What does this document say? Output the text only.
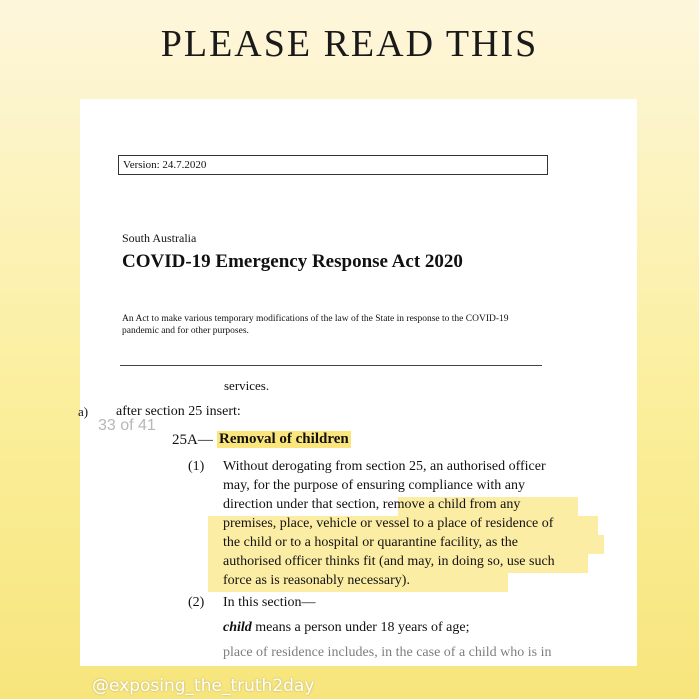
PLEASE READ THIS
Version: 24.7.2020
South Australia
COVID-19 Emergency Response Act 2020
An Act to make various temporary modifications of the law of the State in response to the COVID-19 pandemic and for other purposes.
services.
a) after section 25 insert:
33 of 41
25A— Removal of children
(1) Without derogating from section 25, an authorised officer
may, for the purpose of ensuring compliance with any
direction under that section, remove a child from any
premises, place, vehicle or vessel to a place of residence of
the child or to a hospital or quarantine facility, as the
authorised officer thinks fit (and may, in doing so, use such
force as is reasonably necessary).
(2) In this section—
child means a person under 18 years of age;
place of residence includes, in the case of a child who is in
@exposing_the_truth2day
